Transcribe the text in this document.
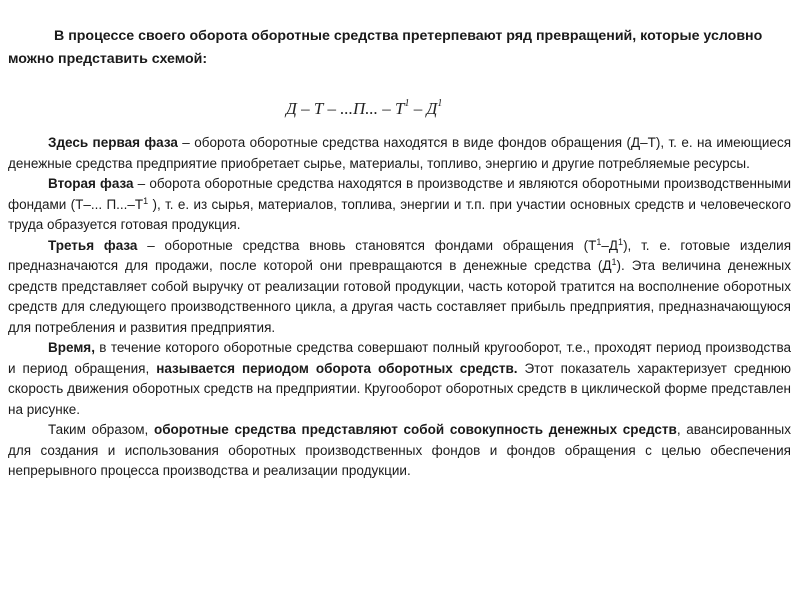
В процессе своего оборота оборотные средства претерпевают ряд превращений, которые условно можно представить схемой:
Д – Т – ...П... – $Т^1 - Д^1$

Здесь первая фаза – оборота оборотные средства находятся в виде фондов обращения (Д–Т), т. е. на имеющиеся денежные средства предприятие приобретает сырье, материалы, топливо, энергию и другие потребляемые ресурсы.

Вторая фаза – оборота оборотные средства находятся в производстве и являются оборотными производственными фондами (Т–... $П...-Т^1$ ), т. е. из сырья, материалов, топлива, энергии и т.п. при участии основных средств и человеческого труда образуется готовая продукция.

Третья фаза – оборотные средства вновь становятся фондами обращения $(Т^1-Д^1)$, т. е. готовые изделия предназначаются для продажи, после которой они превращаются в денежные средства $(Д^1)$. Эта величина денежных средств представляет собой выручку от реализации готовой продукции, часть которой тратится на восполнение оборотных средств для следующего производственного цикла, а другая часть составляет прибыль предприятия, предназначающуюся для потребления и развития предприятия.

Время, в течение которого оборотные средства совершают полный кругооборот, т.е., проходят период производства и период обращения, называется периодом оборота оборотных средств. Этот показатель характеризует среднюю скорость движения оборотных средств на предприятии. Кругооборот оборотных средств в циклической форме представлен на рисунке.

Таким образом, оборотные средства представляют собой совокупность денежных средств, авансированных для создания и использования оборотных производственных фондов и фондов обращения с целью обеспечения непрерывного процесса производства и реализации продукции.
